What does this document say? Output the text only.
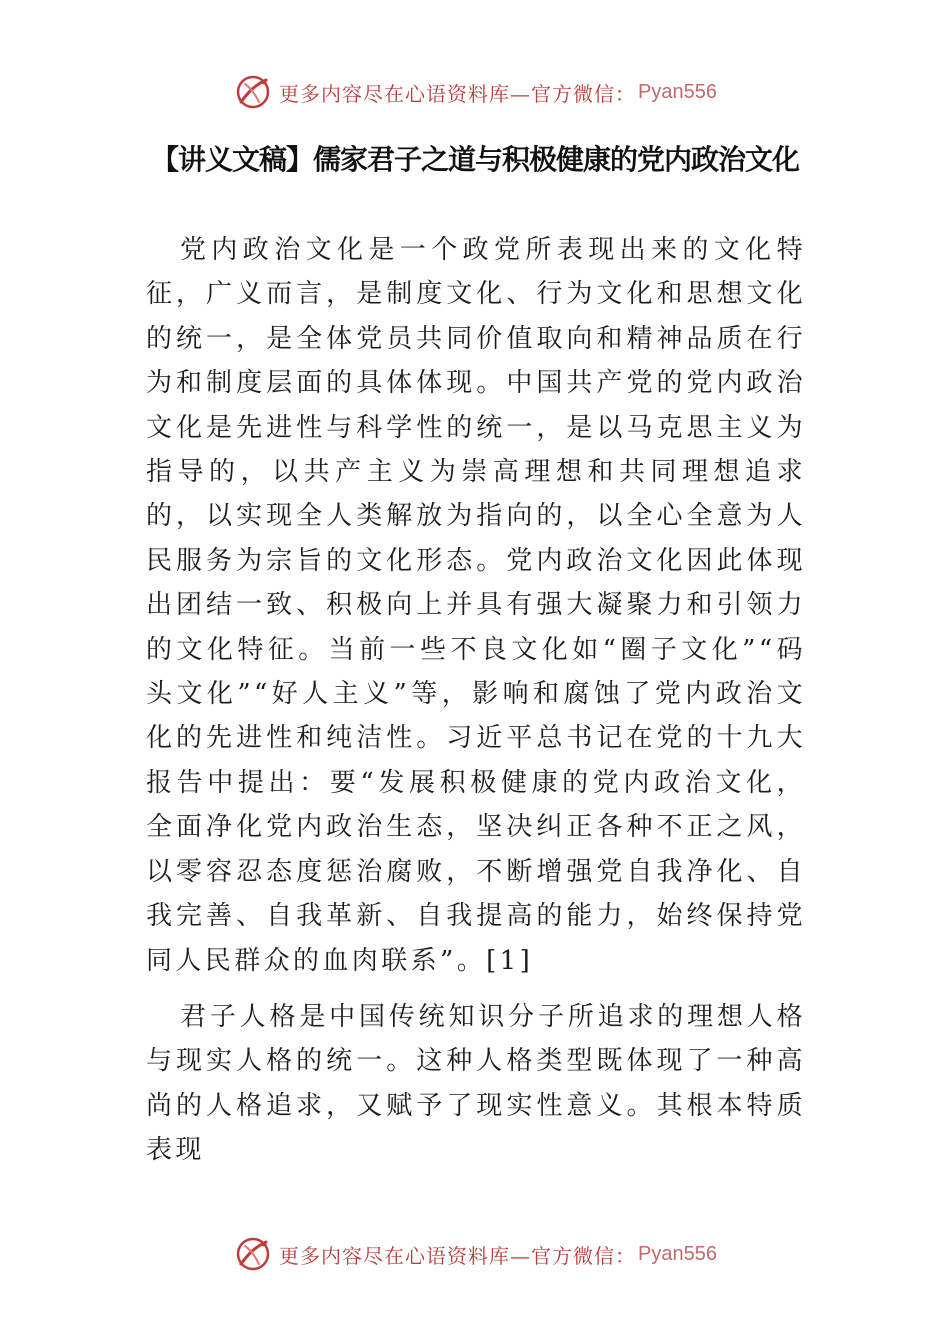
更多内容尽在心语资料库—官方微信： Pyan556
【讲义文稿】儒家君子之道与积极健康的党内政治文化

党内政治文化是一个政党所表现出来的文化特征，广义而言，是制度文化、行为文化和思想文化的统一，是全体党员共同价值取向和精神品质在行为和制度层面的具体体现。中国共产党的党内政治文化是先进性与科学性的统一，是以马克思主义为指导的，以共产主义为崇高理想和共同理想追求的，以实现全人类解放为指向的，以全心全意为人民服务为宗旨的文化形态。党内政治文化因此体现出团结一致、积极向上并具有强大凝聚力和引领力的文化特征。当前一些不良文化如“圈子文化”“码头文化”“好人主义”等，影响和腐蚀了党内政治文化的先进性和纯洁性。习近平总书记在党的十九大报告中提出：要“发展积极健康的党内政治文化，全面净化党内政治生态，坚决纠正各种不正之风，以零容忍态度惩治腐败，不断增强党自我净化、自我完善、自我革新、自我提高的能力，始终保持党同人民群众的血肉联系”。[1]

君子人格是中国传统知识分子所追求的理想人格与现实人格的统一。这种人格类型既体现了一种高尚的人格追求，又赋予了现实性意义。其根本特质表现

更多内容尽在心语资料库—官方微信： Pyan556
